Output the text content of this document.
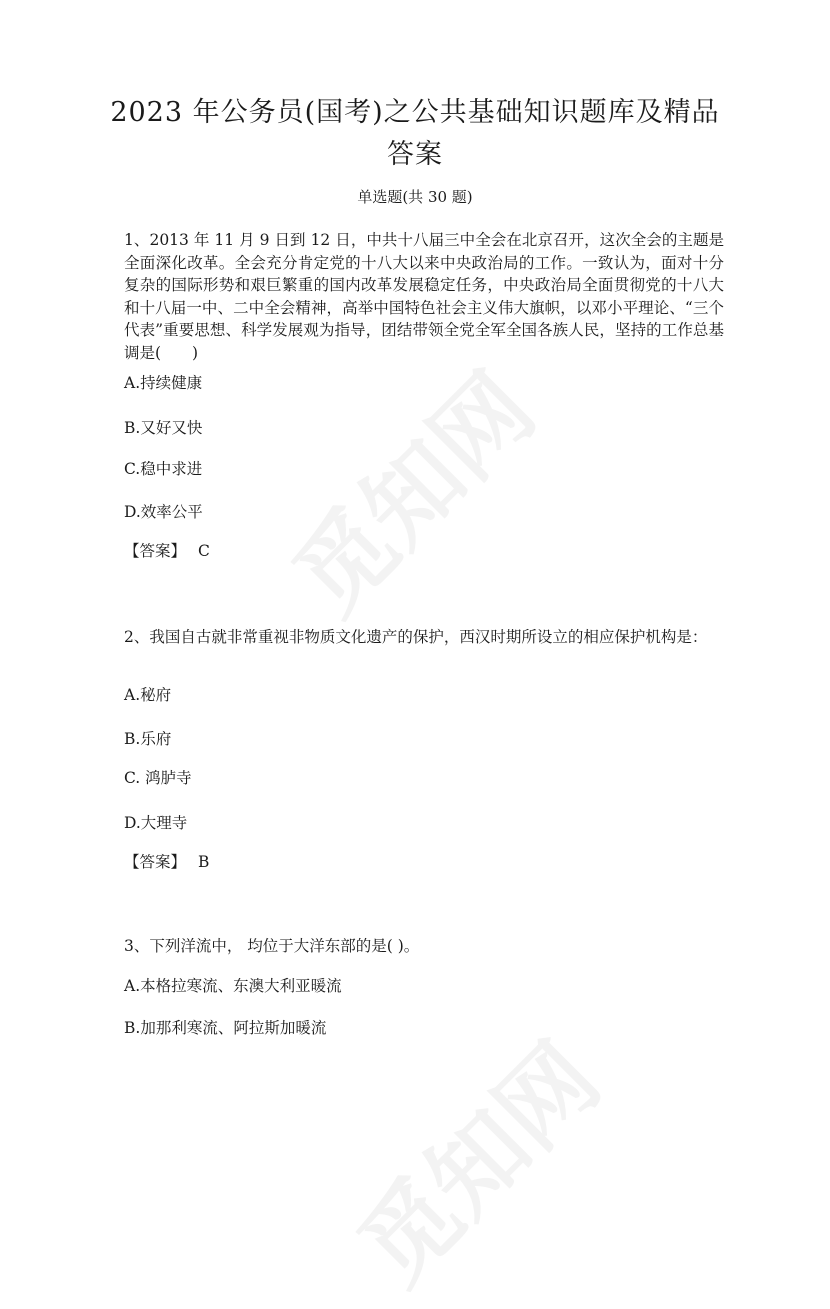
2023 年公务员(国考)之公共基础知识题库及精品答案
单选题(共 30 题)
1、2013 年 11 月 9 日到 12 日，中共十八届三中全会在北京召开，这次全会的主题是全面深化改革。全会充分肯定党的十八大以来中央政治局的工作。一致认为，面对十分复杂的国际形势和艰巨繁重的国内改革发展稳定任务，中央政治局全面贯彻党的十八大和十八届一中、二中全会精神，高举中国特色社会主义伟大旗帜，以邓小平理论、“三个代表”重要思想、科学发展观为指导，团结带领全党全军全国各族人民，坚持的工作总基调是(　　)
A.持续健康
B.又好又快
C.稳中求进
D.效率公平
【答案】 C
2、我国自古就非常重视非物质文化遗产的保护，西汉时期所设立的相应保护机构是：
A.秘府
B.乐府
C. 鸿胪寺
D.大理寺
【答案】 B
3、下列洋流中， 均位于大洋东部的是( )。
A.本格拉寒流、东澳大利亚暖流
B.加那利寒流、阿拉斯加暖流
